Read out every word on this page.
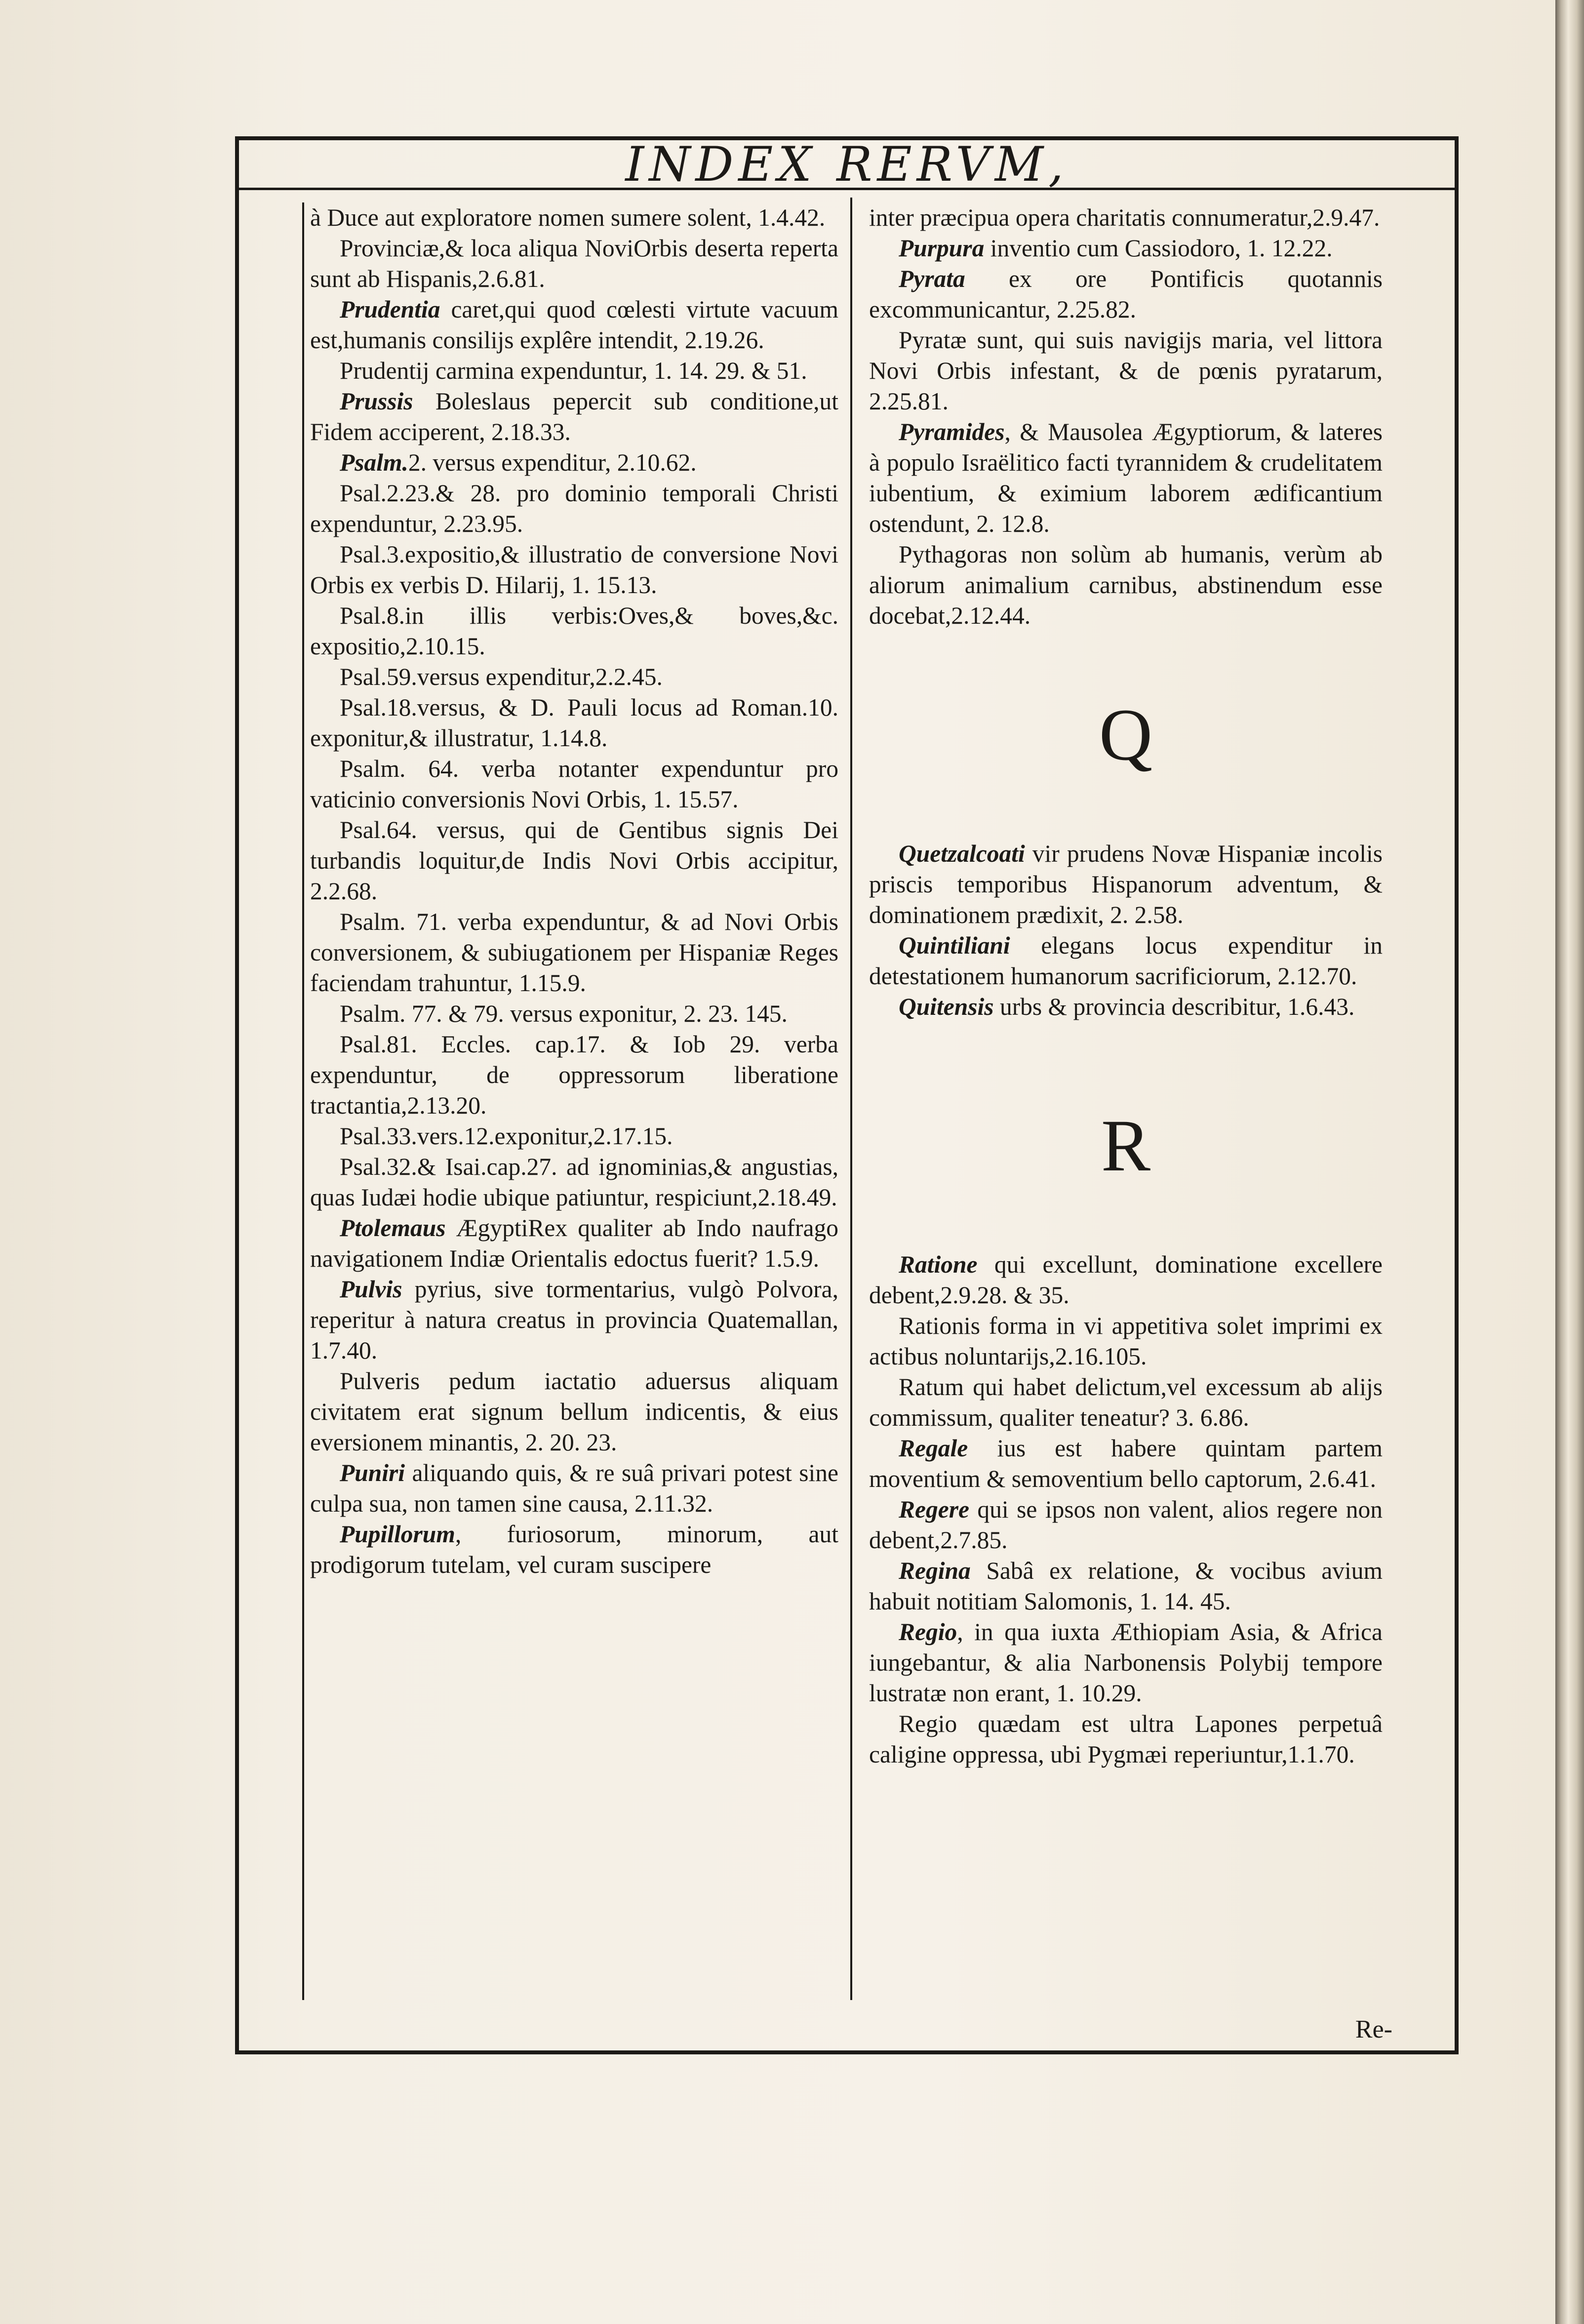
INDEX RERVM,
à Duce aut exploratore nomen sumere solent, 1.4.42.
Provinciæ,& loca aliqua NoviOrbis deserta reperta sunt ab Hispanis,2.6.81.
Prudentia caret,qui quod cœlesti virtute vacuum est,humanis consilijs explêre intendit, 2.19.26.
Prudentij carmina expenduntur, 1. 14. 29. & 51.
Prussis Boleslaus pepercit sub conditione,ut Fidem acciperent, 2.18.33.
Psalm.2. versus expenditur, 2.10.62.
Psal.2.23.& 28. pro dominio temporali Christi expenduntur, 2.23.95.
Psal.3.expositio,& illustratio de conversione Novi Orbis ex verbis D. Hilarij, 1. 15.13.
Psal.8.in illis verbis:Oves,& boves,&c. expositio,2.10.15.
Psal.59.versus expenditur,2.2.45.
Psal.18.versus, & D. Pauli locus ad Roman.10. exponitur,& illustratur, 1.14.8.
Psalm. 64. verba notanter expenduntur pro vaticinio conversionis Novi Orbis, 1. 15.57.
Psal.64. versus, qui de Gentibus signis Dei turbandis loquitur,de Indis Novi Orbis accipitur, 2.2.68.
Psalm. 71. verba expenduntur, & ad Novi Orbis conversionem, & subiugationem per Hispaniæ Reges faciendam trahuntur, 1.15.9.
Psalm. 77. & 79. versus exponitur, 2. 23. 145.
Psal.81. Eccles. cap.17. & Iob 29. verba expenduntur, de oppressorum liberatione tractantia,2.13.20.
Psal.33.vers.12.exponitur,2.17.15.
Psal.32.& Isai.cap.27. ad ignominias,& angustias, quas Iudæi hodie ubique patiuntur, respiciunt,2.18.49.
Ptolemaus ÆgyptiRex qualiter ab Indo naufrago navigationem Indiæ Orientalis edoctus fuerit? 1.5.9.
Pulvis pyrius, sive tormentarius, vulgò Polvora, reperitur à natura creatus in provincia Quatemallan, 1.7.40.
Pulveris pedum iactatio aduersus aliquam civitatem erat signum bellum indicentis, & eius eversionem minantis, 2. 20. 23.
Puniri aliquando quis, & re suâ privari potest sine culpa sua, non tamen sine causa, 2.11.32.
Pupillorum, furiosorum, minorum, aut prodigorum tutelam, vel curam suscipere
inter præcipua opera charitatis connumeratur,2.9.47.
Purpura inventio cum Cassiodoro, 1. 12.22.
Pyrata ex ore Pontificis quotannis excommunicantur, 2.25.82.
Pyratæ sunt, qui suis navigijs maria, vel littora Novi Orbis infestant, & de pœnis pyratarum, 2.25.81.
Pyramides, & Mausolea Ægyptiorum, & lateres à populo Israëlitico facti tyrannidem & crudelitatem iubentium, & eximium laborem ædificantium ostendunt, 2. 12.8.
Pythagoras non solùm ab humanis, verùm ab aliorum animalium carnibus, abstinendum esse docebat,2.12.44.
Q
Quetzalcoati vir prudens Novæ Hispaniæ incolis priscis temporibus Hispanorum adventum, & dominationem prædixit, 2. 2.58.
Quintiliani elegans locus expenditur in detestationem humanorum sacrificiorum, 2.12.70.
Quitensis urbs & provincia describitur, 1.6.43.
R
Ratione qui excellunt, dominatione excellere debent,2.9.28. & 35.
Rationis forma in vi appetitiva solet imprimi ex actibus noluntarijs,2.16.105.
Ratum qui habet delictum,vel excessum ab alijs commissum, qualiter teneatur? 3. 6.86.
Regale ius est habere quintam partem moventium & semoventium bello captorum, 2.6.41.
Regere qui se ipsos non valent, alios regere non debent,2.7.85.
Regina Sabâ ex relatione, & vocibus avium habuit notitiam Salomonis, 1. 14. 45.
Regio, in qua iuxta Æthiopiam Asia, & Africa iungebantur, & alia Narbonensis Polybij tempore lustratæ non erant, 1. 10.29.
Regio quædam est ultra Lapones perpetuâ caligine oppressa, ubi Pygmæi reperiuntur,1.1.70.
Re-
